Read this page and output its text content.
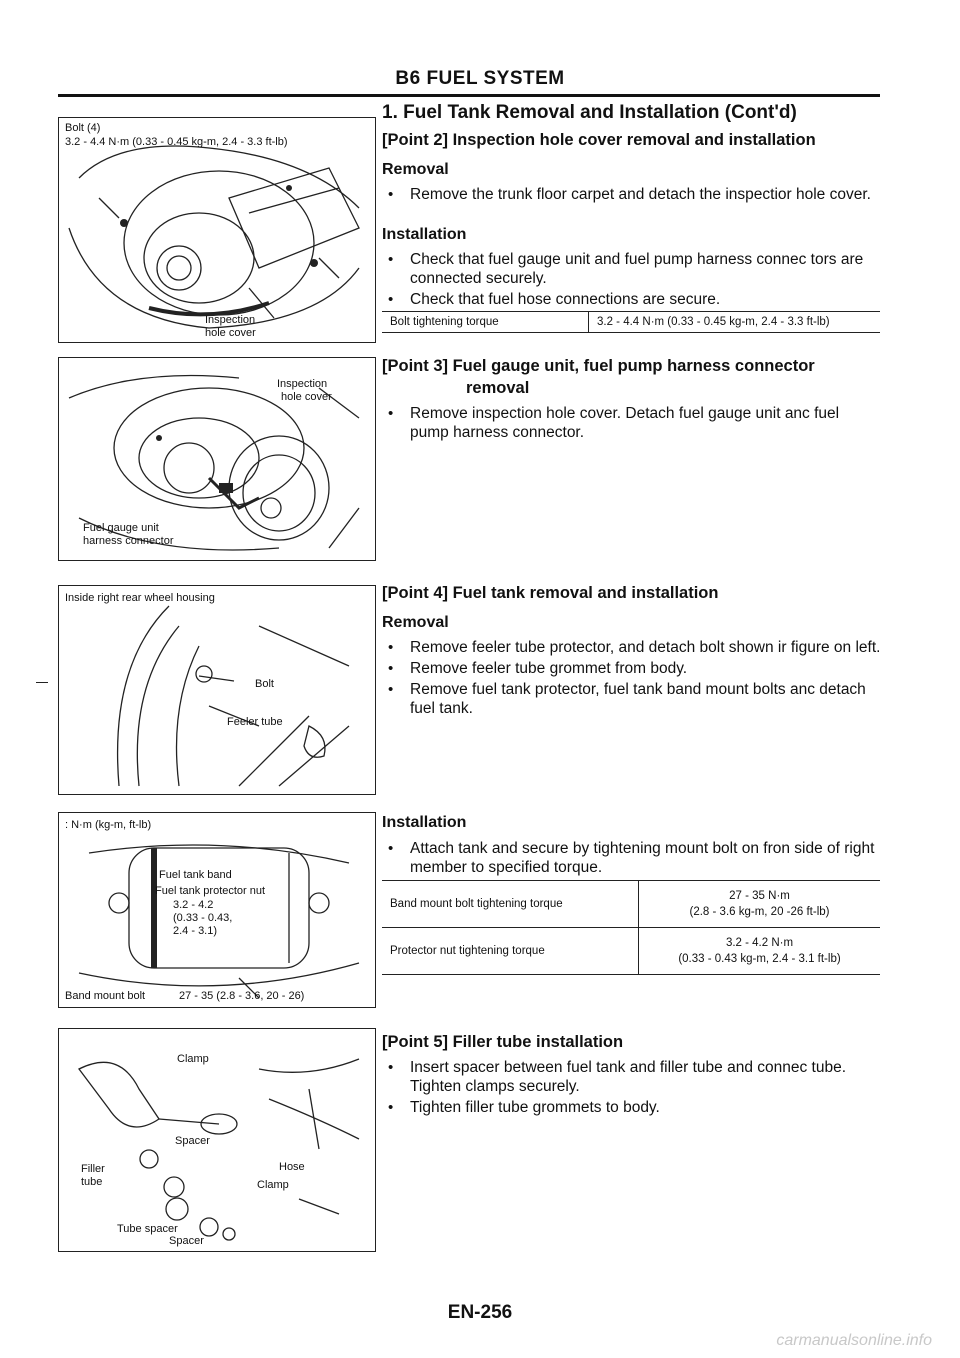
B6 FUEL SYSTEM
1. Fuel Tank Removal and Installation (Cont'd)
Bolt (4)
3.2 - 4.4 N·m (0.33 - 0.45 kg-m, 2.4 - 3.3 ft-lb)
Inspection
hole cover
Inspection
hole cover
Fuel gauge unit
harness connector
Inside right rear wheel housing
Bolt
Feeler tube
: N·m (kg-m, ft-lb)
Fuel tank band
Fuel tank protector nut
3.2 - 4.2
(0.33 - 0.43,
2.4 - 3.1)
Band mount bolt	27 - 35 (2.8 - 3.6, 20 - 26)
Clamp
Spacer
Hose
Filler
tube	Clamp
Tube spacer
Spacer
[Point 2] Inspection hole cover removal and installation
Removal
• Remove the trunk floor carpet and detach the inspectior hole cover.
Installation
• Check that fuel gauge unit and fuel pump harness connec tors are connected securely.
• Check that fuel hose connections are secure.
Bolt tightening torque	3.2 - 4.4 N·m (0.33 - 0.45 kg-m, 2.4 - 3.3 ft-lb)
[Point 3] Fuel gauge unit, fuel pump harness connector
removal
• Remove inspection hole cover. Detach fuel gauge unit anc fuel pump harness connector.
[Point 4] Fuel tank removal and installation
Removal
• Remove feeler tube protector, and detach bolt shown ir figure on left.
• Remove feeler tube grommet from body.
• Remove fuel tank protector, fuel tank band mount bolts anc detach fuel tank.
Installation
• Attach tank and secure by tightening mount bolt on fron side of right member to specified torque.
Band mount bolt tightening torque	27 - 35 N·m
(2.8 - 3.6 kg-m, 20 -26 ft-lb)

Protector nut tightening torque	3.2 - 4.2 N·m
(0.33 - 0.43 kg-m, 2.4 - 3.1 ft-lb)
[Point 5] Filler tube installation
• Insert spacer between fuel tank and filler tube and connec tube. Tighten clamps securely.
• Tighten filler tube grommets to body.
EN-256
carmanualsonline.info
